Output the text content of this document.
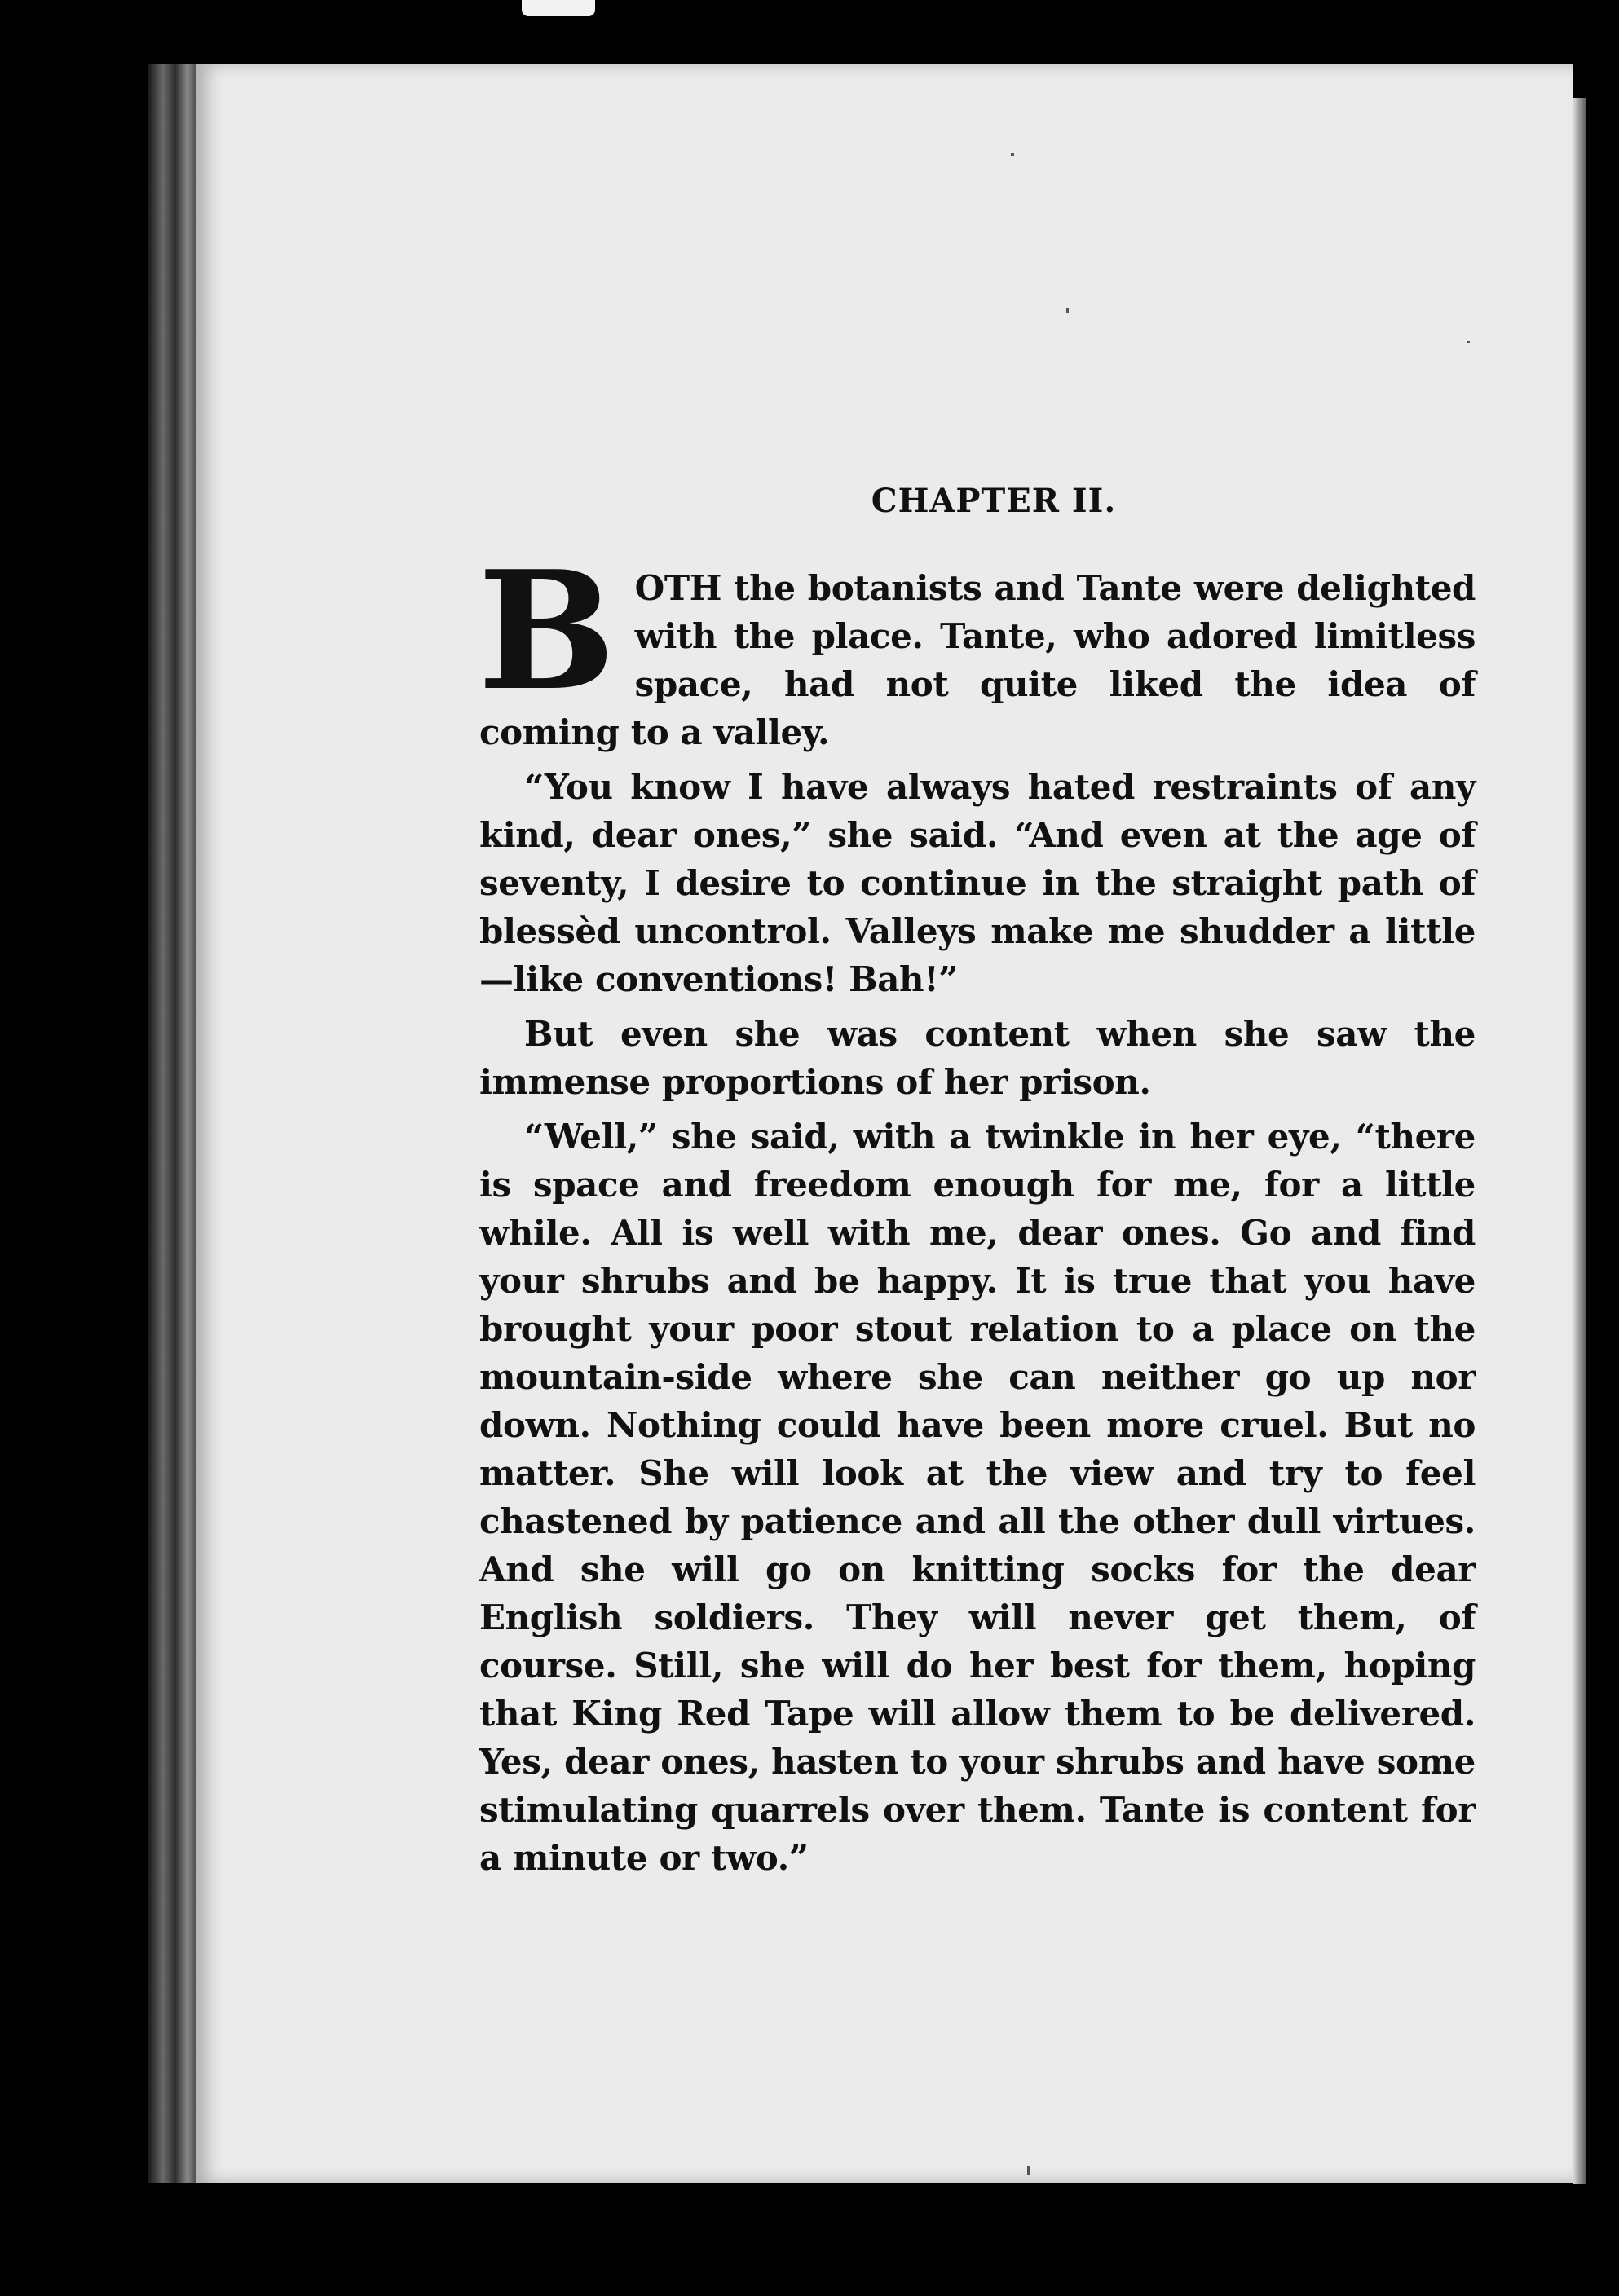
CHAPTER II.

BOTH the botanists and Tante were delighted with the place. Tante, who adored limitless space, had not quite liked the idea of coming to a valley.

“You know I have always hated restraints of any kind, dear ones,” she said. “And even at the age of seventy, I desire to continue in the straight path of blessèd uncontrol. Valleys make me shudder a little—like conventions! Bah!”

But even she was content when she saw the immense proportions of her prison.

“Well,” she said, with a twinkle in her eye, “there is space and freedom enough for me, for a little while. All is well with me, dear ones. Go and find your shrubs and be happy. It is true that you have brought your poor stout relation to a place on the mountain-side where she can neither go up nor down. Nothing could have been more cruel. But no matter. She will look at the view and try to feel chastened by patience and all the other dull virtues. And she will go on knitting socks for the dear English soldiers. They will never get them, of course. Still, she will do her best for them, hoping that King Red Tape will allow them to be delivered. Yes, dear ones, hasten to your shrubs and have some stimulating quarrels over them. Tante is content for a minute or two.”
